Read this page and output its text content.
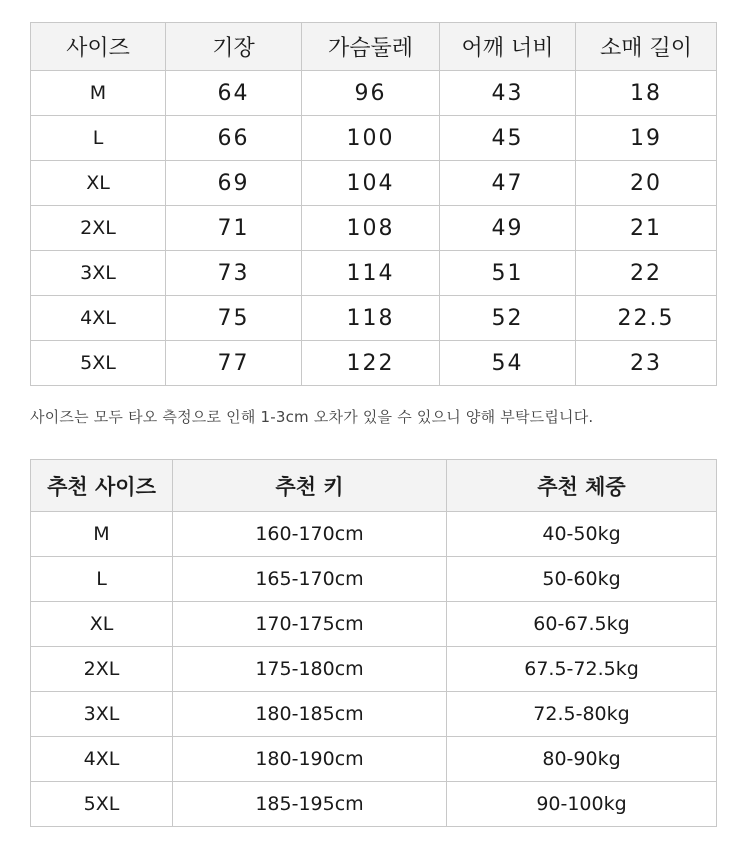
사이즈	기장	가슴둘레	어깨 너비	소매 길이
M	64	96	43	18
L	66	100	45	19
XL	69	104	47	20
2XL	71	108	49	21
3XL	73	114	51	22
4XL	75	118	52	22.5
5XL	77	122	54	23
사이즈는 모두 타오 측정으로 인해 1-3cm 오차가 있을 수 있으니 양해 부탁드립니다.
추천 사이즈	추천 키	추천 체중
M	160-170cm	40-50kg
L	165-170cm	50-60kg
XL	170-175cm	60-67.5kg
2XL	175-180cm	67.5-72.5kg
3XL	180-185cm	72.5-80kg
4XL	180-190cm	80-90kg
5XL	185-195cm	90-100kg
